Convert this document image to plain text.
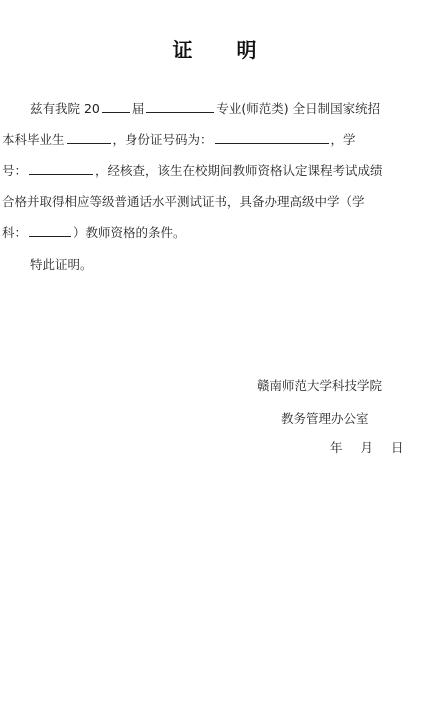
证 明
兹有我院 20	届	专业(师范类) 全日制国家统招
本科毕业生	，身份证号码为：	，学
号：	，经核查，该生在校期间教师资格认定课程考试成绩
合格并取得相应等级普通话水平测试证书，具备办理高级中学（学
科：	）教师资格的条件。
特此证明。
赣南师范大学科技学院
教务管理办公室
年 月 日
